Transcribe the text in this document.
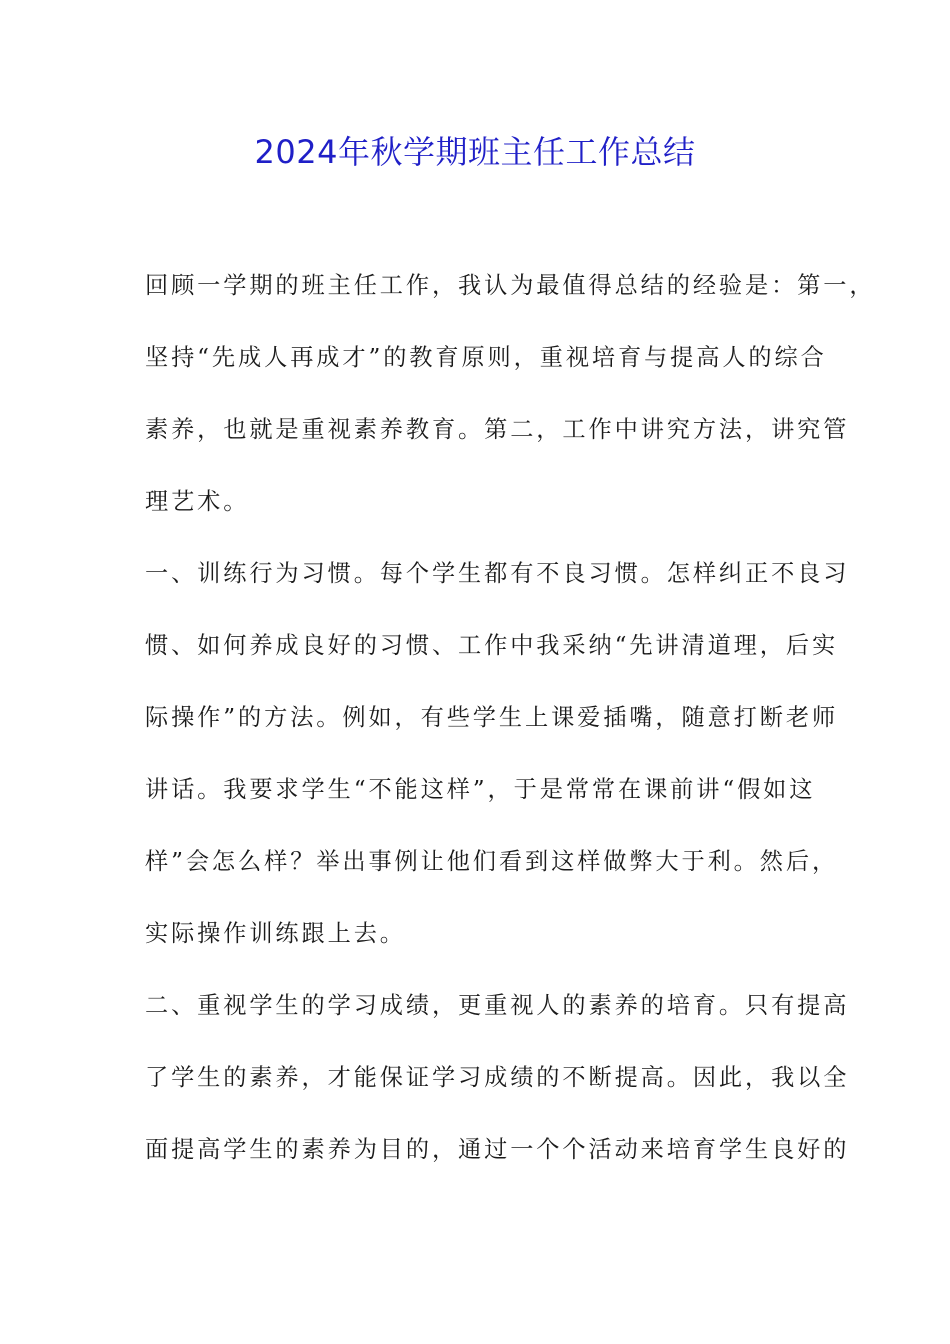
2024年秋学期班主任工作总结
回顾一学期的班主任工作，我认为最值得总结的经验是：第一，
坚持“先成人再成才”的教育原则，重视培育与提高人的综合
素养，也就是重视素养教育。第二，工作中讲究方法，讲究管
理艺术。
一、训练行为习惯。每个学生都有不良习惯。怎样纠正不良习
惯、如何养成良好的习惯、工作中我采纳“先讲清道理，后实
际操作”的方法。例如，有些学生上课爱插嘴，随意打断老师
讲话。我要求学生“不能这样”，于是常常在课前讲“假如这
样”会怎么样？举出事例让他们看到这样做弊大于利。然后，
实际操作训练跟上去。
二、重视学生的学习成绩，更重视人的素养的培育。只有提高
了学生的素养，才能保证学习成绩的不断提高。因此，我以全
面提高学生的素养为目的，通过一个个活动来培育学生良好的
